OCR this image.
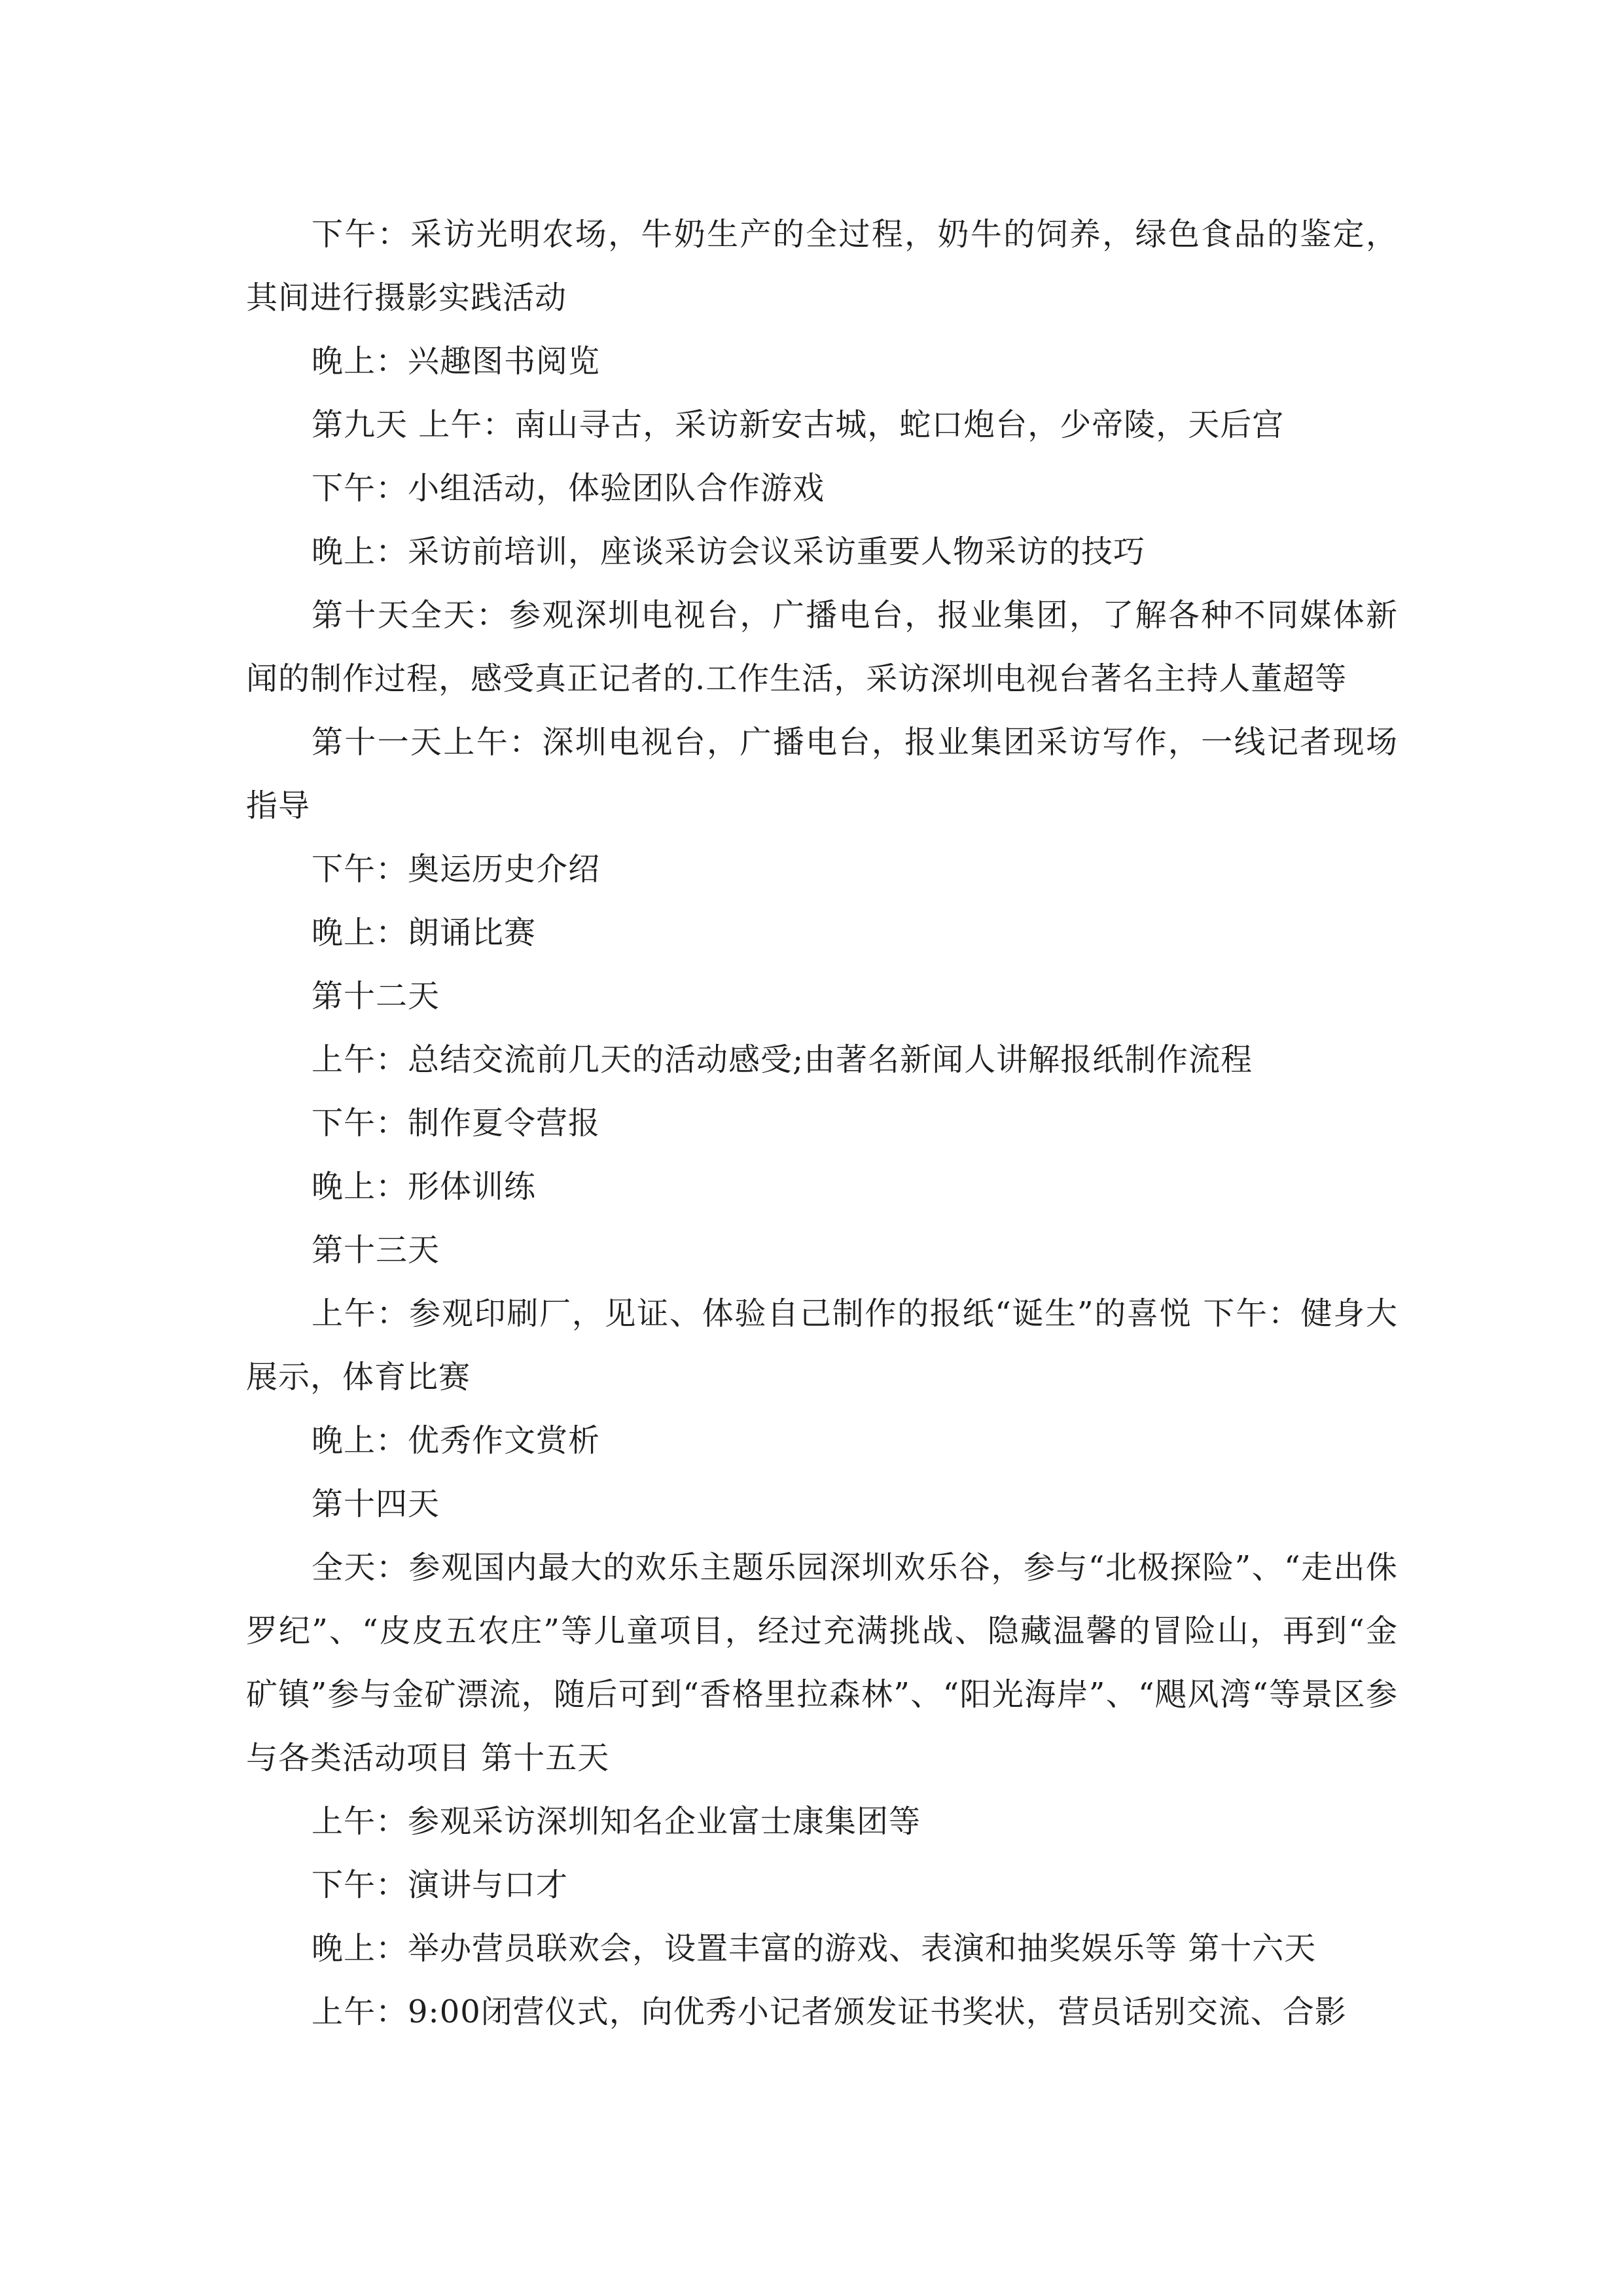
下午：采访光明农场，牛奶生产的全过程，奶牛的饲养，绿色食品的鉴定，其间进行摄影实践活动

晚上：兴趣图书阅览

第九天 上午：南山寻古，采访新安古城，蛇口炮台，少帝陵，天后宫

下午：小组活动，体验团队合作游戏

晚上：采访前培训，座谈采访会议采访重要人物采访的技巧

第十天全天：参观深圳电视台，广播电台，报业集团，了解各种不同媒体新闻的制作过程，感受真正记者的.工作生活，采访深圳电视台著名主持人董超等

第十一天上午：深圳电视台，广播电台，报业集团采访写作，一线记者现场指导

下午：奥运历史介绍

晚上：朗诵比赛

第十二天

上午：总结交流前几天的活动感受;由著名新闻人讲解报纸制作流程

下午：制作夏令营报

晚上：形体训练

第十三天

上午：参观印刷厂，见证、体验自己制作的报纸“诞生”的喜悦 下午：健身大展示，体育比赛

晚上：优秀作文赏析

第十四天

全天：参观国内最大的欢乐主题乐园深圳欢乐谷，参与“北极探险”、“走出侏罗纪”、“皮皮五农庄”等儿童项目，经过充满挑战、隐藏温馨的冒险山，再到“金矿镇”参与金矿漂流，随后可到“香格里拉森林”、“阳光海岸”、“飓风湾“等景区参与各类活动项目 第十五天

上午：参观采访深圳知名企业富士康集团等

下午：演讲与口才

晚上：举办营员联欢会，设置丰富的游戏、表演和抽奖娱乐等 第十六天

上午：9:00闭营仪式，向优秀小记者颁发证书奖状，营员话别交流、合影
